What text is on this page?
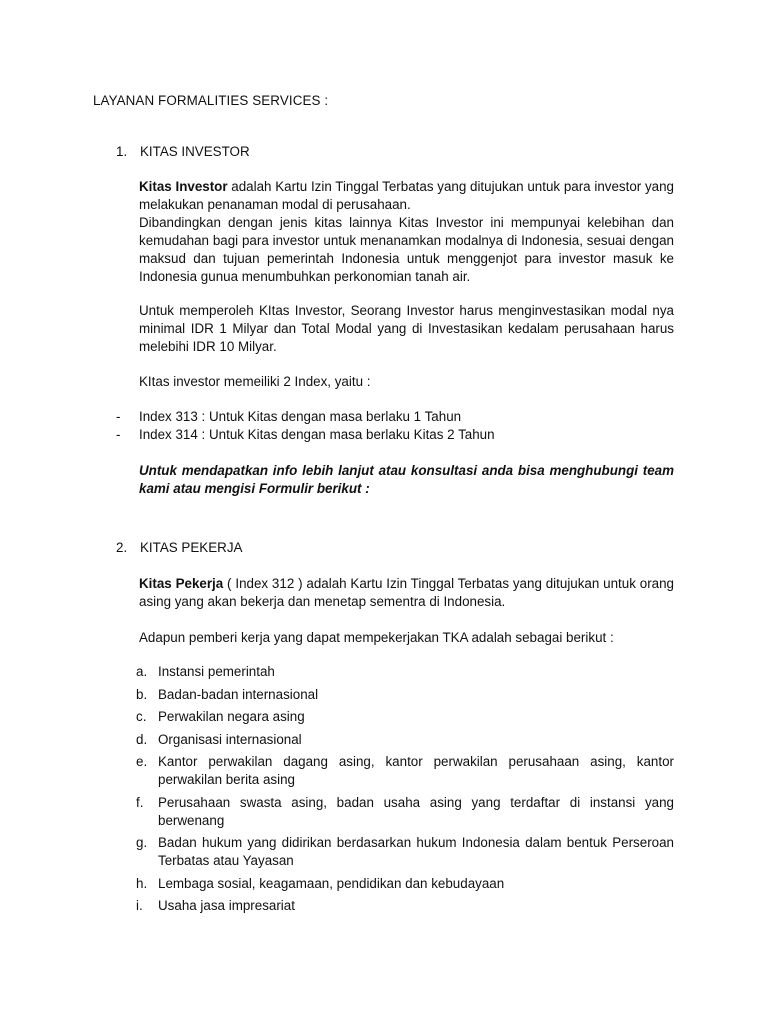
LAYANAN FORMALITIES SERVICES :
1. KITAS INVESTOR

Kitas Investor adalah Kartu Izin Tinggal Terbatas yang ditujukan untuk para investor yang melakukan penanaman modal di perusahaan.

Dibandingkan dengan jenis kitas lainnya Kitas Investor ini mempunyai kelebihan dan kemudahan bagi para investor untuk menanamkan modalnya di Indonesia, sesuai dengan maksud dan tujuan pemerintah Indonesia untuk menggenjot para investor masuk ke Indonesia gunua menumbuhkan perkonomian tanah air.

Untuk memperoleh KItas Investor, Seorang Investor harus menginvestasikan modal nya minimal IDR 1 Milyar dan Total Modal yang di Investasikan kedalam perusahaan harus melebihi IDR 10 Milyar.

KItas investor memeiliki 2 Index, yaitu :

-	Index 313 : Untuk Kitas dengan masa berlaku 1 Tahun
-	Index 314 : Untuk Kitas dengan masa berlaku Kitas 2 Tahun

Untuk mendapatkan info lebih lanjut atau konsultasi anda bisa menghubungi team kami atau mengisi Formulir berikut :

2. KITAS PEKERJA

Kitas Pekerja ( Index 312 ) adalah Kartu Izin Tinggal Terbatas yang ditujukan untuk orang asing yang akan bekerja dan menetap sementra di Indonesia.

Adapun pemberi kerja yang dapat mempekerjakan TKA adalah sebagai berikut :

a. Instansi pemerintah
b. Badan-badan internasional
c. Perwakilan negara asing
d. Organisasi internasional
e. Kantor perwakilan dagang asing, kantor perwakilan perusahaan asing, kantor perwakilan berita asing
f.	Perusahaan swasta asing, badan usaha asing yang terdaftar di instansi yang berwenang
g. Badan hukum yang didirikan berdasarkan hukum Indonesia dalam bentuk Perseroan Terbatas atau Yayasan
h. Lembaga sosial, keagamaan, pendidikan dan kebudayaan
i.	Usaha jasa impresariat
